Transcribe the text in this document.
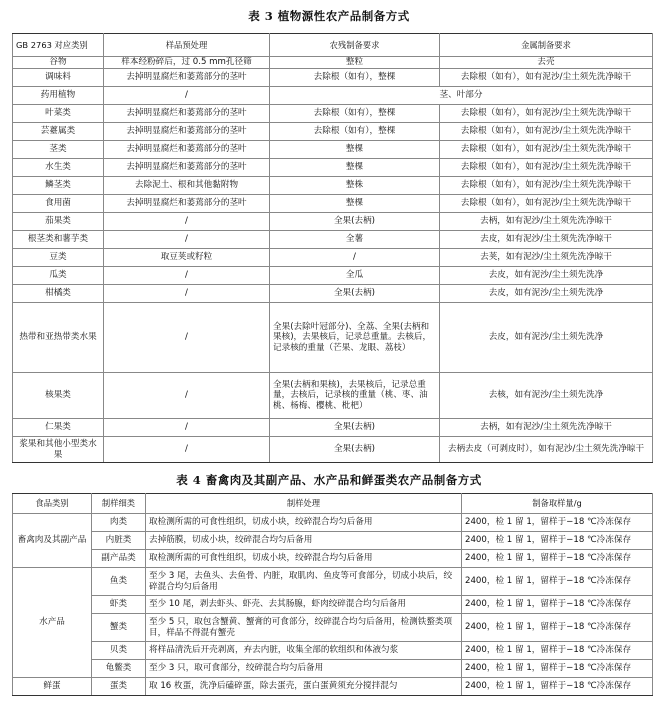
表 3 植物源性农产品制备方式
GB 2763 对应类别	样品预处理	农残制备要求	金属制备要求
谷物	样本经粉碎后，过 0.5 mm孔径筛	整粒	去壳
调味料	去掉明显腐烂和萎蔫部分的茎叶	去除根（如有），整棵	去除根（如有），如有泥沙/尘土须先洗净晾干
药用植物	/	茎、叶部分	
叶菜类	去掉明显腐烂和萎蔫部分的茎叶	去除根（如有），整棵	去除根（如有），如有泥沙/尘土须先洗净晾干
芸薹属类	去掉明显腐烂和萎蔫部分的茎叶	去除根（如有），整棵	去除根（如有），如有泥沙/尘土须先洗净晾干
茎类	去掉明显腐烂和萎蔫部分的茎叶	整棵	去除根（如有），如有泥沙/尘土须先洗净晾干
水生类	去掉明显腐烂和萎蔫部分的茎叶	整棵	去除根（如有），如有泥沙/尘土须先洗净晾干
鳞茎类	去除泥土、根和其他黏附物	整株	去除根（如有），如有泥沙/尘土须先洗净晾干
食用菌	去掉明显腐烂和萎蔫部分的茎叶	整棵	去除根（如有），如有泥沙/尘土须先洗净晾干
茄果类	/	全果(去柄)	去柄，如有泥沙/尘土须先洗净晾干
根茎类和薯芋类	/	全薯	去皮，如有泥沙/尘土须先洗净晾干
豆类	取豆荚或籽粒	/	去荚，如有泥沙/尘土须先洗净晾干
瓜类	/	全瓜	去皮，如有泥沙/尘土须先洗净
柑橘类	/	全果(去柄)	去皮，如有泥沙/尘土须先洗净
热带和亚热带类水果	/	全果(去除叶冠部分)、全荔、全果(去柄和果核)，去果核后，记录总重量。去核后，记录核的重量（芒果、龙眼、荔枝）	去皮，如有泥沙/尘土须先洗净
核果类	/	全果(去柄和果核)，去果核后，记录总重量，去核后，记录核的重量（桃、枣、油桃、杨梅、樱桃、枇杷）	去核，如有泥沙/尘土须先洗净
仁果类	/	全果(去柄)	去柄，如有泥沙/尘土须先洗净晾干
浆果和其他小型类水果	/	全果(去柄)	去柄去皮（可剥皮时），如有泥沙/尘土须先洗净晾干
表 4 畜禽肉及其副产品、水产品和鲜蛋类农产品制备方式
食品类别	制样细类	制样处理	制备取样量/g
畜禽肉及其副产品	肉类	取检测所需的可食性组织，切成小块，绞碎混合均匀后备用	2400，检 1 留 1，留样于−18 ℃冷冻保存
	内脏类	去掉筋膜，切成小块，绞碎混合均匀后备用	2400，检 1 留 1，留样于−18 ℃冷冻保存
	副产品类	取检测所需的可食性组织，切成小块，绞碎混合均匀后备用	2400，检 1 留 1，留样于−18 ℃冷冻保存
水产品	鱼类	至少 3 尾，去鱼头、去鱼骨、内脏，取肌肉、鱼皮等可食部分，切成小块后，绞碎混合均匀后备用	2400，检 1 留 1，留样于−18 ℃冷冻保存
	虾类	至少 10 尾，剥去虾头、虾壳、去其肠腺，虾肉绞碎混合均匀后备用	2400，检 1 留 1，留样于−18 ℃冷冻保存
	蟹类	至少 5 只，取包含蟹黄、蟹膏的可食部分，绞碎混合均匀后备用，检测铁螯类项目，样品不得混有蟹壳	2400，检 1 留 1，留样于−18 ℃冷冻保存
	贝类	将样品清洗后开壳剥离，弃去内脏，收集全部的软组织和体液匀浆	2400，检 1 留 1，留样于−18 ℃冷冻保存
	龟鳖类	至少 3 只，取可食部分，绞碎混合均匀后备用	2400，检 1 留 1，留样于−18 ℃冷冻保存
鲜蛋	蛋类	取 16 枚蛋，洗净后磕碎蛋，除去蛋壳，蛋白蛋黄须充分搅拌混匀	2400，检 1 留 1，留样于−18 ℃冷冻保存
